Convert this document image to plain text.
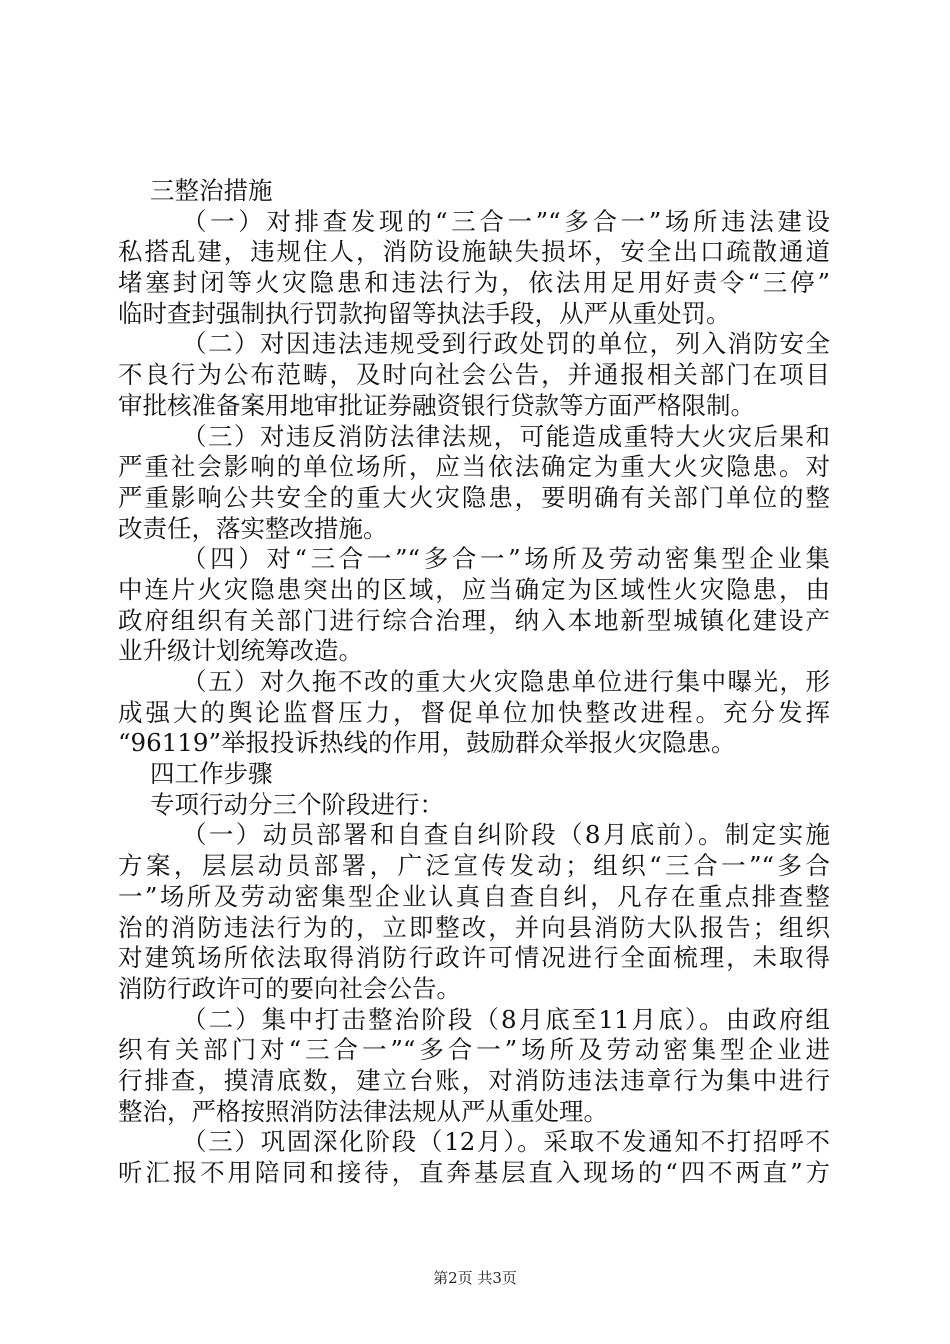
三整治措施
（一）对排查发现的“三合一”“多合一”场所违法建设
私搭乱建，违规住人，消防设施缺失损坏，安全出口疏散通道
堵塞封闭等火灾隐患和违法行为，依法用足用好责令“三停”
临时查封强制执行罚款拘留等执法手段，从严从重处罚。
（二）对因违法违规受到行政处罚的单位，列入消防安全
不良行为公布范畴，及时向社会公告，并通报相关部门在项目
审批核准备案用地审批证券融资银行贷款等方面严格限制。
（三）对违反消防法律法规，可能造成重特大火灾后果和
严重社会影响的单位场所，应当依法确定为重大火灾隐患。对
严重影响公共安全的重大火灾隐患，要明确有关部门单位的整
改责任，落实整改措施。
（四）对“三合一”“多合一”场所及劳动密集型企业集
中连片火灾隐患突出的区域，应当确定为区域性火灾隐患，由
政府组织有关部门进行综合治理，纳入本地新型城镇化建设产
业升级计划统筹改造。
（五）对久拖不改的重大火灾隐患单位进行集中曝光，形
成强大的舆论监督压力，督促单位加快整改进程。充分发挥
“96119”举报投诉热线的作用，鼓励群众举报火灾隐患。
四工作步骤
专项行动分三个阶段进行：
（一）动员部署和自查自纠阶段（8月底前）。制定实施
方案，层层动员部署，广泛宣传发动；组织“三合一”“多合
一”场所及劳动密集型企业认真自查自纠，凡存在重点排查整
治的消防违法行为的，立即整改，并向县消防大队报告；组织
对建筑场所依法取得消防行政许可情况进行全面梳理，未取得
消防行政许可的要向社会公告。
（二）集中打击整治阶段（8月底至11月底）。由政府组
织有关部门对“三合一”“多合一”场所及劳动密集型企业进
行排查，摸清底数，建立台账，对消防违法违章行为集中进行
整治，严格按照消防法律法规从严从重处理。
（三）巩固深化阶段（12月）。采取不发通知不打招呼不
听汇报不用陪同和接待，直奔基层直入现场的“四不两直”方
第2页 共3页
